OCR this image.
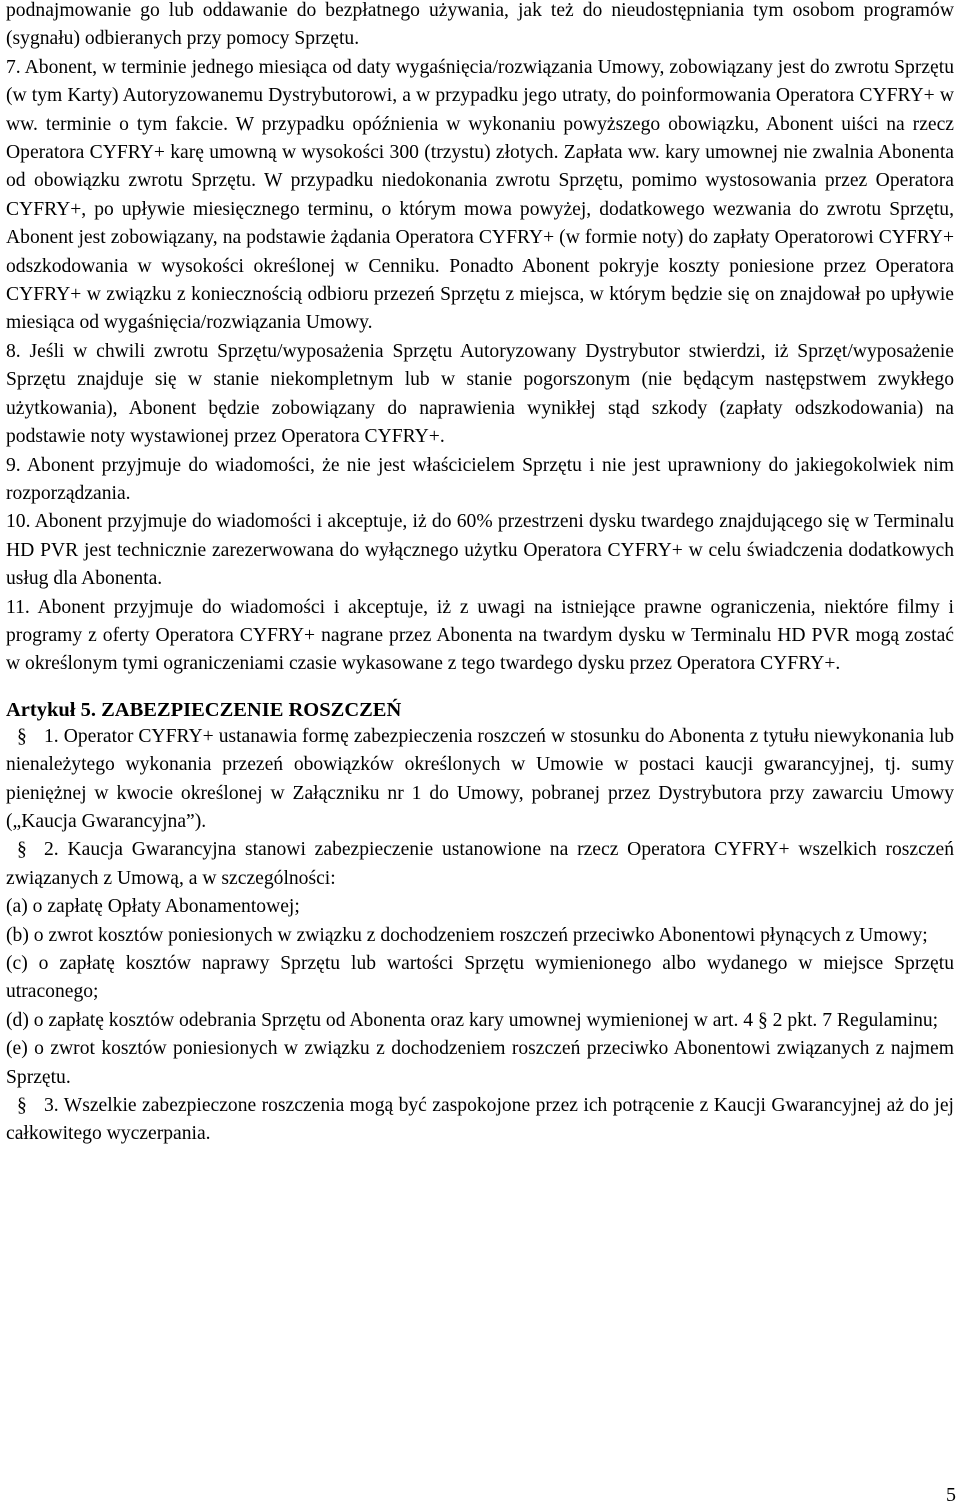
podnajmowanie go lub oddawanie do bezpłatnego używania, jak też do nieudostępniania tym osobom programów (sygnału) odbieranych przy pomocy Sprzętu.

7. Abonent, w terminie jednego miesiąca od daty wygaśnięcia/rozwiązania Umowy, zobowiązany jest do zwrotu Sprzętu (w tym Karty) Autoryzowanemu Dystrybutorowi, a w przypadku jego utraty, do poinformowania Operatora CYFRY+ w ww. terminie o tym fakcie. W przypadku opóźnienia w wykonaniu powyższego obowiązku, Abonent uiści na rzecz Operatora CYFRY+ karę umowną w wysokości 300 (trzystu) złotych. Zapłata ww. kary umownej nie zwalnia Abonenta od obowiązku zwrotu Sprzętu. W przypadku niedokonania zwrotu Sprzętu, pomimo wystosowania przez Operatora CYFRY+, po upływie miesięcznego terminu, o którym mowa powyżej, dodatkowego wezwania do zwrotu Sprzętu, Abonent jest zobowiązany, na podstawie żądania Operatora CYFRY+ (w formie noty) do zapłaty Operatorowi CYFRY+ odszkodowania w wysokości określonej w Cenniku. Ponadto Abonent pokryje koszty poniesione przez Operatora CYFRY+ w związku z koniecznością odbioru przezeń Sprzętu z miejsca, w którym będzie się on znajdował po upływie miesiąca od wygaśnięcia/rozwiązania Umowy.

8. Jeśli w chwili zwrotu Sprzętu/wyposażenia Sprzętu Autoryzowany Dystrybutor stwierdzi, iż Sprzęt/wyposażenie Sprzętu znajduje się w stanie niekompletnym lub w stanie pogorszonym (nie będącym następstwem zwykłego użytkowania), Abonent będzie zobowiązany do naprawienia wynikłej stąd szkody (zapłaty odszkodowania) na podstawie noty wystawionej przez Operatora CYFRY+.

9. Abonent przyjmuje do wiadomości, że nie jest właścicielem Sprzętu i nie jest uprawniony do jakiegokolwiek nim rozporządzania.

10. Abonent przyjmuje do wiadomości i akceptuje, iż do 60% przestrzeni dysku twardego znajdującego się w Terminalu HD PVR jest technicznie zarezerwowana do wyłącznego użytku Operatora CYFRY+ w celu świadczenia dodatkowych usług dla Abonenta.

11. Abonent przyjmuje do wiadomości i akceptuje, iż z uwagi na istniejące prawne ograniczenia, niektóre filmy i programy z oferty Operatora CYFRY+ nagrane przez Abonenta na twardym dysku w Terminalu HD PVR mogą zostać w określonym tymi ograniczeniami czasie wykasowane z tego twardego dysku przez Operatora CYFRY+.

Artykuł 5. ZABEZPIECZENIE ROSZCZEŃ

§ 1. Operator CYFRY+ ustanawia formę zabezpieczenia roszczeń w stosunku do Abonenta z tytułu niewykonania lub nienależytego wykonania przezeń obowiązków określonych w Umowie w postaci kaucji gwarancyjnej, tj. sumy pieniężnej w kwocie określonej w Załączniku nr 1 do Umowy, pobranej przez Dystrybutora przy zawarciu Umowy („Kaucja Gwarancyjna”).

§ 2. Kaucja Gwarancyjna stanowi zabezpieczenie ustanowione na rzecz Operatora CYFRY+ wszelkich roszczeń związanych z Umową, a w szczególności:

(a) o zapłatę Opłaty Abonamentowej;

(b) o zwrot kosztów poniesionych w związku z dochodzeniem roszczeń przeciwko Abonentowi płynących z Umowy;

(c) o zapłatę kosztów naprawy Sprzętu lub wartości Sprzętu wymienionego albo wydanego w miejsce Sprzętu utraconego;

(d) o zapłatę kosztów odebrania Sprzętu od Abonenta oraz kary umownej wymienionej w art. 4 § 2 pkt. 7 Regulaminu;

(e) o zwrot kosztów poniesionych w związku z dochodzeniem roszczeń przeciwko Abonentowi związanych z najmem Sprzętu.

§ 3. Wszelkie zabezpieczone roszczenia mogą być zaspokojone przez ich potrącenie z Kaucji Gwarancyjnej aż do jej całkowitego wyczerpania.

5
